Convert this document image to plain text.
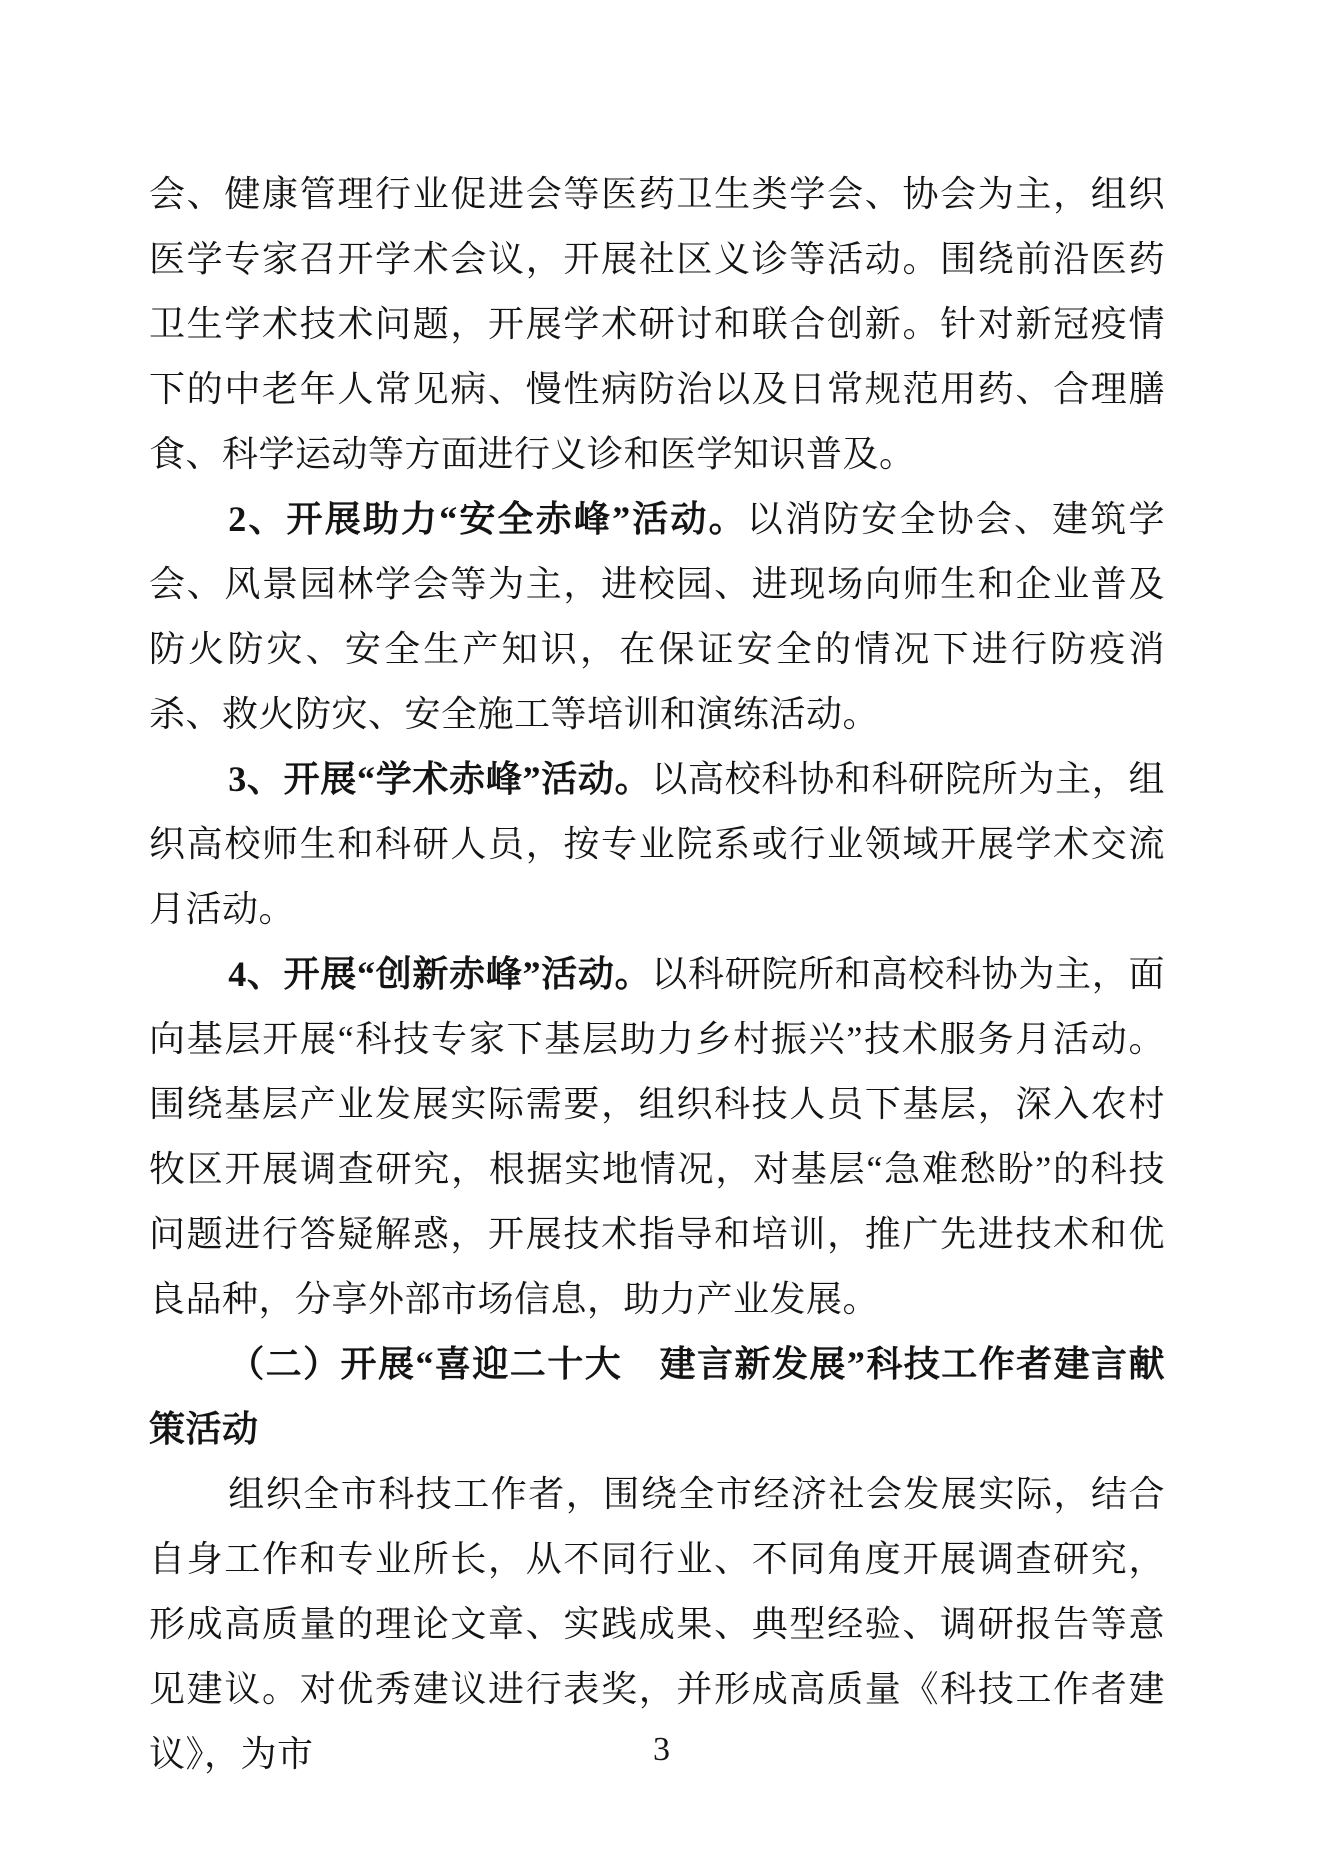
会、健康管理行业促进会等医药卫生类学会、协会为主，组织医学专家召开学术会议，开展社区义诊等活动。围绕前沿医药卫生学术技术问题，开展学术研讨和联合创新。针对新冠疫情下的中老年人常见病、慢性病防治以及日常规范用药、合理膳食、科学运动等方面进行义诊和医学知识普及。

2、开展助力“安全赤峰”活动。以消防安全协会、建筑学会、风景园林学会等为主，进校园、进现场向师生和企业普及防火防灾、安全生产知识，在保证安全的情况下进行防疫消杀、救火防灾、安全施工等培训和演练活动。

3、开展“学术赤峰”活动。以高校科协和科研院所为主，组织高校师生和科研人员，按专业院系或行业领域开展学术交流月活动。

4、开展“创新赤峰”活动。以科研院所和高校科协为主，面向基层开展“科技专家下基层助力乡村振兴”技术服务月活动。围绕基层产业发展实际需要，组织科技人员下基层，深入农村牧区开展调查研究，根据实地情况，对基层“急难愁盼”的科技问题进行答疑解惑，开展技术指导和培训，推广先进技术和优良品种，分享外部市场信息，助力产业发展。

（二）开展“喜迎二十大　建言新发展”科技工作者建言献策活动

组织全市科技工作者，围绕全市经济社会发展实际，结合自身工作和专业所长，从不同行业、不同角度开展调查研究，形成高质量的理论文章、实践成果、典型经验、调研报告等意见建议。对优秀建议进行表奖，并形成高质量《科技工作者建议》，为市	3
